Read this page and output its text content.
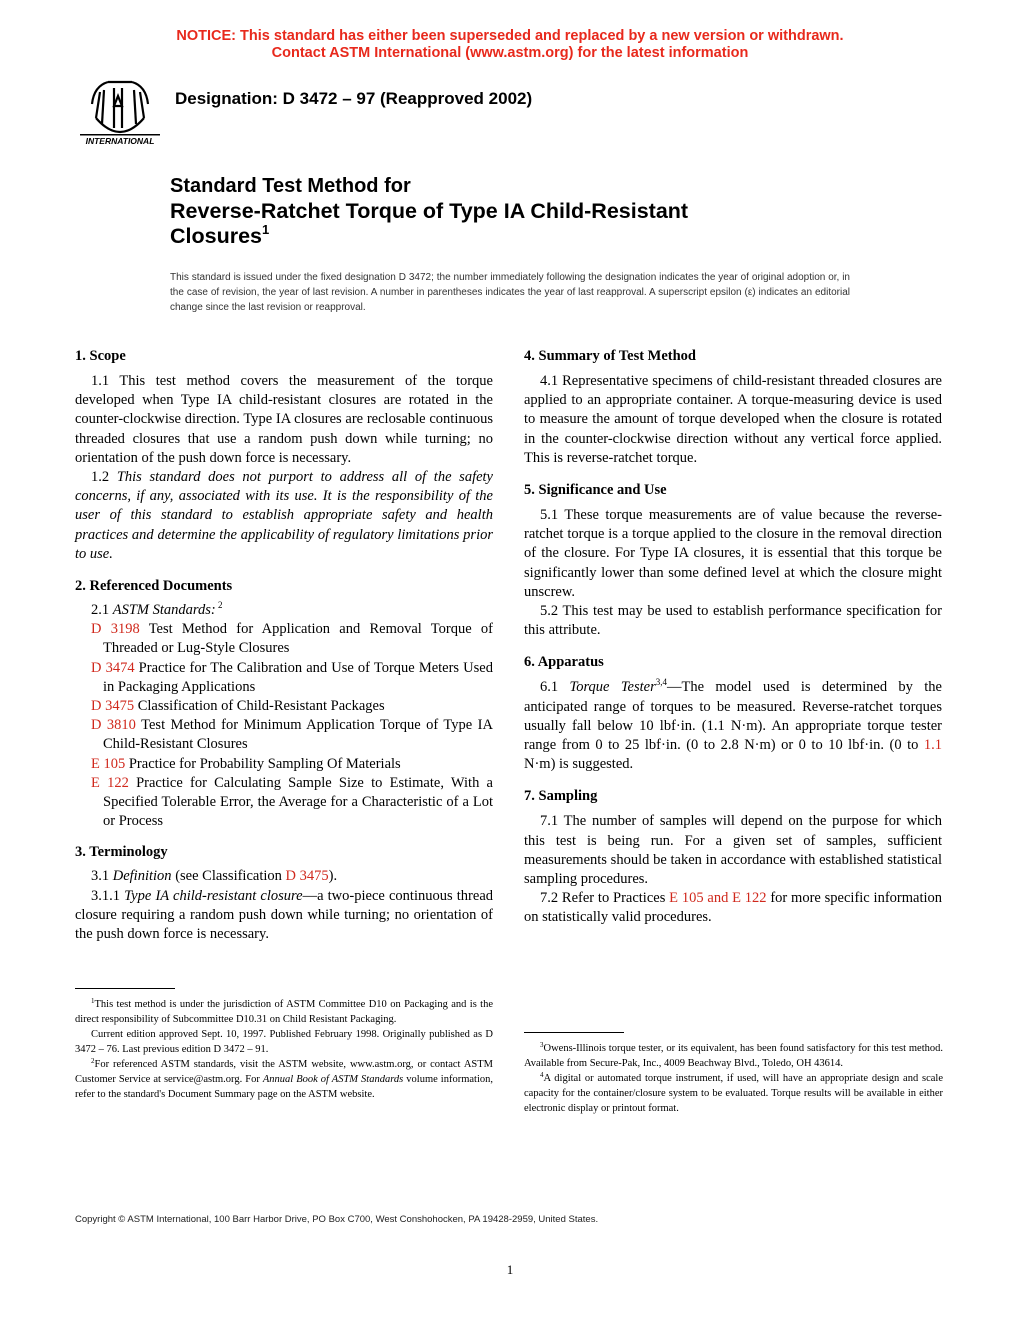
NOTICE: This standard has either been superseded and replaced by a new version or withdrawn.
Contact ASTM International (www.astm.org) for the latest information
INTERNATIONAL
Designation: D 3472 – 97 (Reapproved 2002)
Standard Test Method for
Reverse-Ratchet Torque of Type IA Child-Resistant
Closures$^1$
This standard is issued under the fixed designation D 3472; the number immediately following the designation indicates the year of original adoption or, in the case of revision, the year of last revision. A number in parentheses indicates the year of last reapproval. A superscript epsilon (ε) indicates an editorial change since the last revision or reapproval.
1. Scope

1.1 This test method covers the measurement of the torque developed when Type IA child-resistant closures are rotated in the counter-clockwise direction. Type IA closures are reclosable continuous threaded closures that use a random push down while turning; no orientation of the push down force is necessary.

1.2 This standard does not purport to address all of the safety concerns, if any, associated with its use. It is the responsibility of the user of this standard to establish appropriate safety and health practices and determine the applicability of regulatory limitations prior to use.

2. Referenced Documents

2.1 ASTM Standards: $^2$

D 3198 Test Method for Application and Removal Torque of Threaded or Lug-Style Closures

D 3474 Practice for The Calibration and Use of Torque Meters Used in Packaging Applications

D 3475 Classification of Child-Resistant Packages

D 3810 Test Method for Minimum Application Torque of Type IA Child-Resistant Closures

E 105 Practice for Probability Sampling Of Materials

E 122 Practice for Calculating Sample Size to Estimate, With a Specified Tolerable Error, the Average for a Characteristic of a Lot or Process

3. Terminology

3.1 Definition (see Classification D 3475).

3.1.1 Type IA child-resistant closure—a two-piece continuous thread closure requiring a random push down while turning; no orientation of the push down force is necessary.

4. Summary of Test Method

4.1 Representative specimens of child-resistant threaded closures are applied to an appropriate container. A torque-measuring device is used to measure the amount of torque developed when the closure is rotated in the counter-clockwise direction without any vertical force applied. This is reverse-ratchet torque.

5. Significance and Use

5.1 These torque measurements are of value because the reverse-ratchet torque is a torque applied to the closure in the removal direction of the closure. For Type IA closures, it is essential that this torque be significantly lower than some defined level at which the closure might unscrew.

5.2 This test may be used to establish performance specification for this attribute.

6. Apparatus

6.1 Torque Tester$^{3,4}$—The model used is determined by the anticipated range of torques to be measured. Reverse-ratchet torques usually fall below 10 lbf·in. (1.1 N·m). An appropriate torque tester range from 0 to 25 lbf·in. (0 to 2.8 N·m) or 0 to 10 lbf·in. (0 to 1.1 N·m) is suggested.

7. Sampling

7.1 The number of samples will depend on the purpose for which this test is being run. For a given set of samples, sufficient measurements should be taken in accordance with established statistical sampling procedures.

7.2 Refer to Practices E 105 and E 122 for more specific information on statistically valid procedures.

$^1$This test method is under the jurisdiction of ASTM Committee D10 on Packaging and is the direct responsibility of Subcommittee D10.31 on Child Resistant Packaging.

Current edition approved Sept. 10, 1997. Published February 1998. Originally published as D 3472 – 76. Last previous edition D 3472 – 91.

$^2$For referenced ASTM standards, visit the ASTM website, www.astm.org, or contact ASTM Customer Service at service@astm.org. For Annual Book of ASTM Standards volume information, refer to the standard's Document Summary page on the ASTM website.

$^3$Owens-Illinois torque tester, or its equivalent, has been found satisfactory for this test method. Available from Secure-Pak, Inc., 4009 Beachway Blvd., Toledo, OH 43614.

$^4$A digital or automated torque instrument, if used, will have an appropriate design and scale capacity for the container/closure system to be evaluated. Torque results will be available in either electronic display or printout format.

Copyright © ASTM International, 100 Barr Harbor Drive, PO Box C700, West Conshohocken, PA 19428-2959, United States.
1
